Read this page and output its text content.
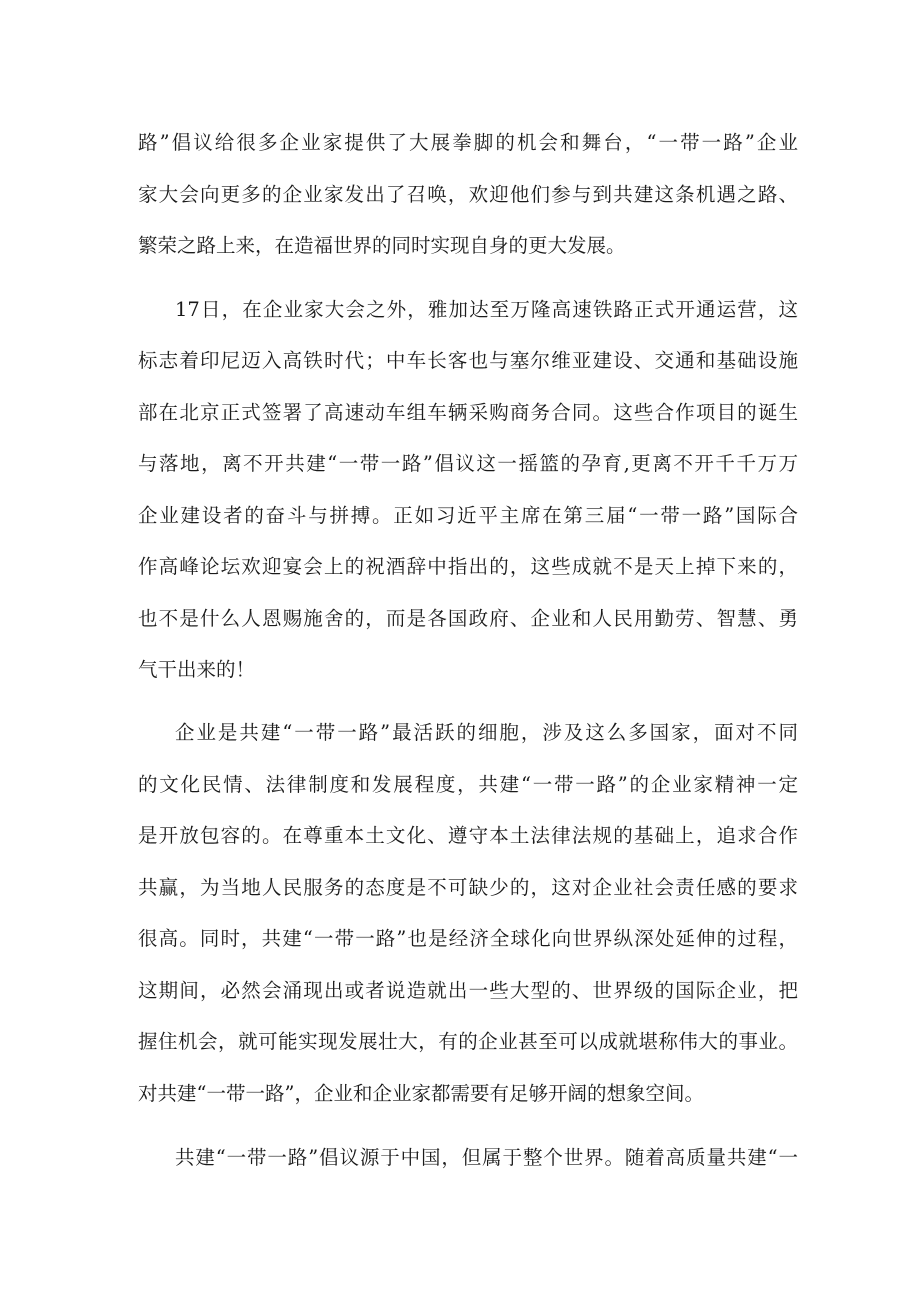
路”倡议给很多企业家提供了大展拳脚的机会和舞台，“一带一路”企业
家大会向更多的企业家发出了召唤，欢迎他们参与到共建这条机遇之路、
繁荣之路上来，在造福世界的同时实现自身的更大发展。
17日，在企业家大会之外，雅加达至万隆高速铁路正式开通运营，这
标志着印尼迈入高铁时代；中车长客也与塞尔维亚建设、交通和基础设施
部在北京正式签署了高速动车组车辆采购商务合同。这些合作项目的诞生
与落地，离不开共建“一带一路”倡议这一摇篮的孕育,更离不开千千万万
企业建设者的奋斗与拼搏。正如习近平主席在第三届“一带一路”国际合
作高峰论坛欢迎宴会上的祝酒辞中指出的，这些成就不是天上掉下来的，
也不是什么人恩赐施舍的，而是各国政府、企业和人民用勤劳、智慧、勇
气干出来的！
企业是共建“一带一路”最活跃的细胞，涉及这么多国家，面对不同
的文化民情、法律制度和发展程度，共建“一带一路”的企业家精神一定
是开放包容的。在尊重本土文化、遵守本土法律法规的基础上，追求合作
共赢，为当地人民服务的态度是不可缺少的，这对企业社会责任感的要求
很高。同时，共建“一带一路”也是经济全球化向世界纵深处延伸的过程，
这期间，必然会涌现出或者说造就出一些大型的、世界级的国际企业，把
握住机会，就可能实现发展壮大，有的企业甚至可以成就堪称伟大的事业。
对共建“一带一路”，企业和企业家都需要有足够开阔的想象空间。
共建“一带一路”倡议源于中国，但属于整个世界。随着高质量共建“一
